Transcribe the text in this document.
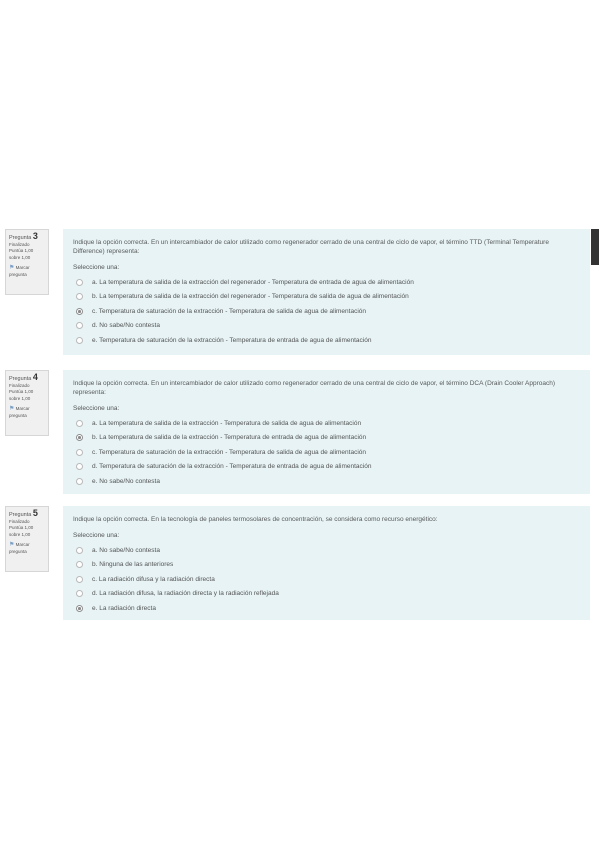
Pregunta 3
Finalizado
Puntúa 1,00
sobre 1,00
⚑ Marcar
pregunta
Indique la opción correcta. En un intercambiador de calor utilizado como regenerador cerrado de una central de ciclo de vapor, el término TTD (Terminal Temperature Difference) representa:
Seleccione una:
a. La temperatura de salida de la extracción del regenerador - Temperatura de entrada de agua de alimentación
b. La temperatura de salida de la extracción del regenerador - Temperatura de salida de agua de alimentación
c. Temperatura de saturación de la extracción - Temperatura de salida de agua de alimentación
d. No sabe/No contesta
e. Temperatura de saturación de la extracción - Temperatura de entrada de agua de alimentación
Pregunta 4
Finalizado
Puntúa 1,00
sobre 1,00
⚑ Marcar
pregunta
Indique la opción correcta. En un intercambiador de calor utilizado como regenerador cerrado de una central de ciclo de vapor, el término DCA (Drain Cooler Approach) representa:
Seleccione una:
a. La temperatura de salida de la extracción - Temperatura de salida de agua de alimentación
b. La temperatura de salida de la extracción - Temperatura de entrada de agua de alimentación
c. Temperatura de saturación de la extracción - Temperatura de salida de agua de alimentación
d. Temperatura de saturación de la extracción - Temperatura de entrada de agua de alimentación
e. No sabe/No contesta
Pregunta 5
Finalizado
Puntúa 1,00
sobre 1,00
⚑ Marcar
pregunta
Indique la opción correcta. En la tecnología de paneles termosolares de concentración, se considera como recurso energético:
Seleccione una:
a. No sabe/No contesta
b. Ninguna de las anteriores
c. La radiación difusa y la radiación directa
d. La radiación difusa, la radiación directa y la radiación reflejada
e. La radiación directa
